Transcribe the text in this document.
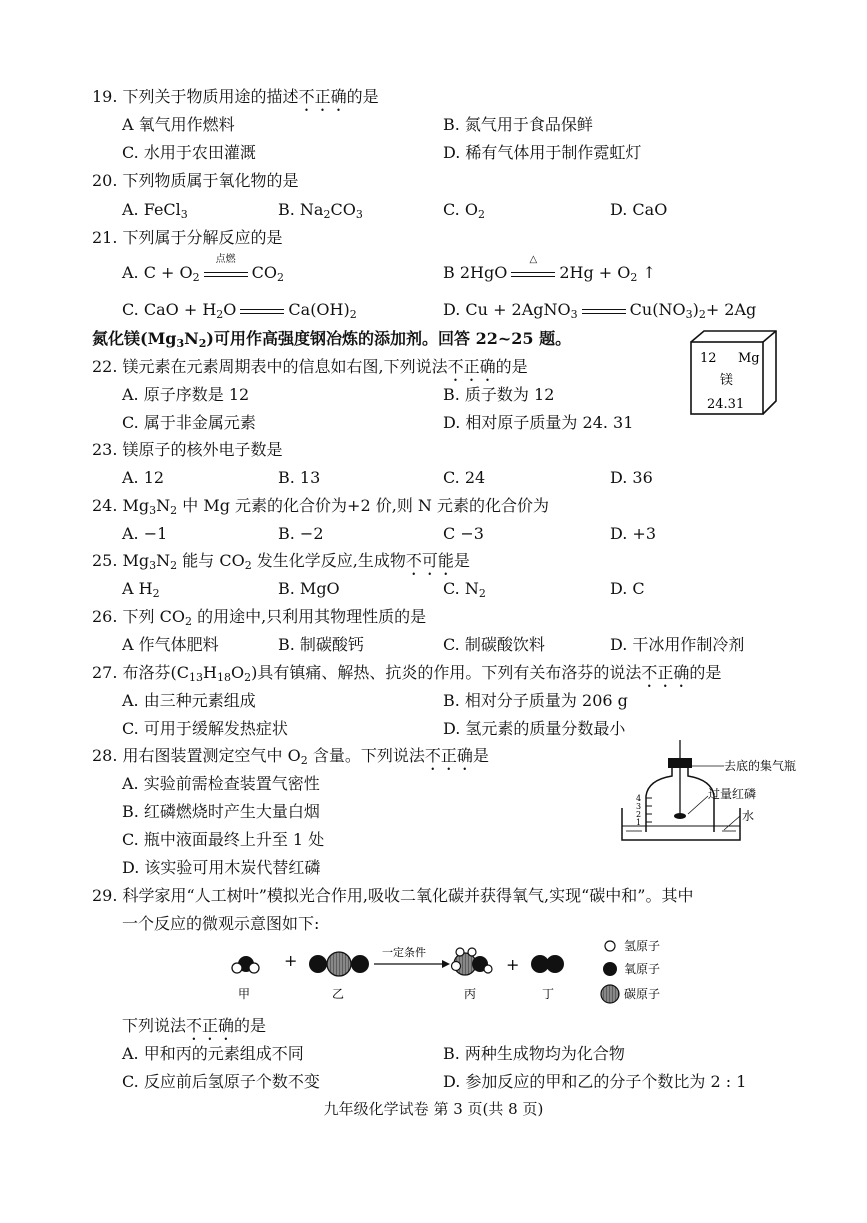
19. 下列关于物质用途的描述不正确的是
A 氧气用作燃料	B. 氮气用于食品保鲜
C. 水用于农田灌溉	D. 稀有气体用于制作霓虹灯
20. 下列物质属于氧化物的是
A. FeCl$_3$	B. $Na_2CO_3$	C. $O_2$	D. CaO
21. 下列属于分解反应的是
A. $C + O_2$
点燃
$CO_2$	B 2HgO
△
$2Hg + O_2$ ↑
C. CaO + $H_2O$	$Ca(OH)_2$	D. Cu + 2AgNO$_3$	$Cu(NO_3)_2+ 2Ag$
氮化镁$(Mg_3N_2)$可用作高强度钢冶炼的添加剂。回答 22~25 题。
12 Mg
镁
24.31
22. 镁元素在元素周期表中的信息如右图,下列说法不正确的是
A. 原子序数是 12	B. 质子数为 12
C. 属于非金属元素	D. 相对原子质量为 24. 31
23. 镁原子的核外电子数是
A. 12	B. 13	C. 24	D. 36
24. $Mg_3N_2$ 中 Mg 元素的化合价为+2 价,则 N 元素的化合价为
A. −1	B. −2	C −3	D. +3
25. $Mg_3N_2$ 能与 $CO_2$ 发生化学反应,生成物不可能是
A $H_2$	B. MgO	C. $N_2$	D. C
26. 下列 $CO_2$ 的用途中,只利用其物理性质的是
A 作气体肥料	B. 制碳酸钙	C. 制碳酸饮料	D. 干冰用作制冷剂
27. 布洛芬$(C_{13}H_{18}O_2)$具有镇痛、解热、抗炎的作用。下列有关布洛芬的说法不正确的是
A. 由三种元素组成	B. 相对分子质量为 206 g
C. 可用于缓解发热症状	D. 氢元素的质量分数最小
28. 用右图装置测定空气中 $O_2$ 含量。下列说法不正确是
A. 实验前需检查装置气密性
B. 红磷燃烧时产生大量白烟
C. 瓶中液面最终上升至 1 处
D. 该实验可用木炭代替红磷
4
3
2
1
去底的集气瓶
过量红磷
水
29. 科学家用“人工树叶”模拟光合作用,吸收二氧化碳并获得氧气,实现“碳中和”。其中
一个反应的微观示意图如下:
+	一定条件
+
甲	乙	丙	丁
氢原子
氧原子
碳原子
下列说法不正确的是
A. 甲和丙的元素组成不同	B. 两种生成物均为化合物
C. 反应前后氢原子个数不变	D. 参加反应的甲和乙的分子个数比为 2 : 1
九年级化学试卷 第 3 页(共 8 页)
